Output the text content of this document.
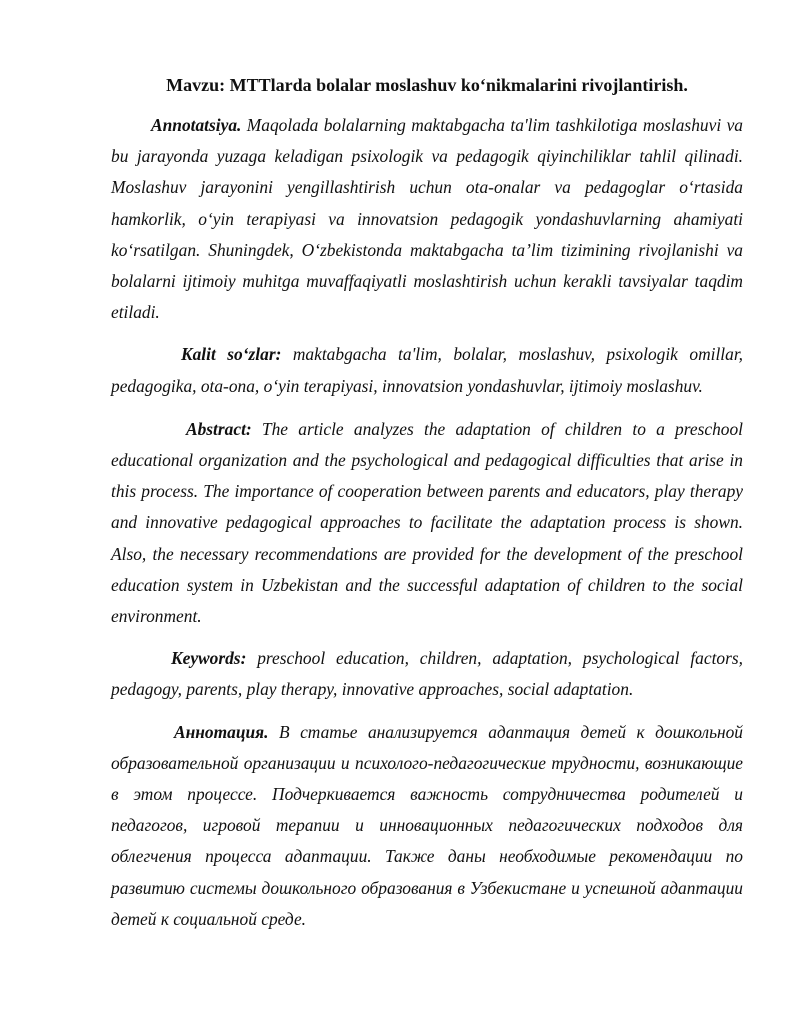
Mavzu: MTTlarda bolalar moslashuv ko‘nikmalarini rivojlantirish.

Annotatsiya. Maqolada bolalarning maktabgacha ta'lim tashkilotiga moslashuvi va bu jarayonda yuzaga keladigan psixologik va pedagogik qiyinchiliklar tahlil qilinadi. Moslashuv jarayonini yengillashtirish uchun ota-onalar va pedagoglar o‘rtasida hamkorlik, o‘yin terapiyasi va innovatsion pedagogik yondashuvlarning ahamiyati ko‘rsatilgan. Shuningdek, O‘zbekistonda maktabgacha ta’lim tizimining rivojlanishi va bolalarni ijtimoiy muhitga muvaffaqiyatli moslashtirish uchun kerakli tavsiyalar taqdim etiladi.

Kalit so‘zlar: maktabgacha ta'lim, bolalar, moslashuv, psixologik omillar, pedagogika, ota-ona, o‘yin terapiyasi, innovatsion yondashuvlar, ijtimoiy moslashuv.

Abstract: The article analyzes the adaptation of children to a preschool educational organization and the psychological and pedagogical difficulties that arise in this process. The importance of cooperation between parents and educators, play therapy and innovative pedagogical approaches to facilitate the adaptation process is shown. Also, the necessary recommendations are provided for the development of the preschool education system in Uzbekistan and the successful adaptation of children to the social environment.

Keywords: preschool education, children, adaptation, psychological factors, pedagogy, parents, play therapy, innovative approaches, social adaptation.

Аннотация. В статье анализируется адаптация детей к дошкольной образовательной организации и психолого-педагогические трудности, возникающие в этом процессе. Подчеркивается важность сотрудничества родителей и педагогов, игровой терапии и инновационных педагогических подходов для облегчения процесса адаптации. Также даны необходимые рекомендации по развитию системы дошкольного образования в Узбекистане и успешной адаптации детей к социальной среде.
